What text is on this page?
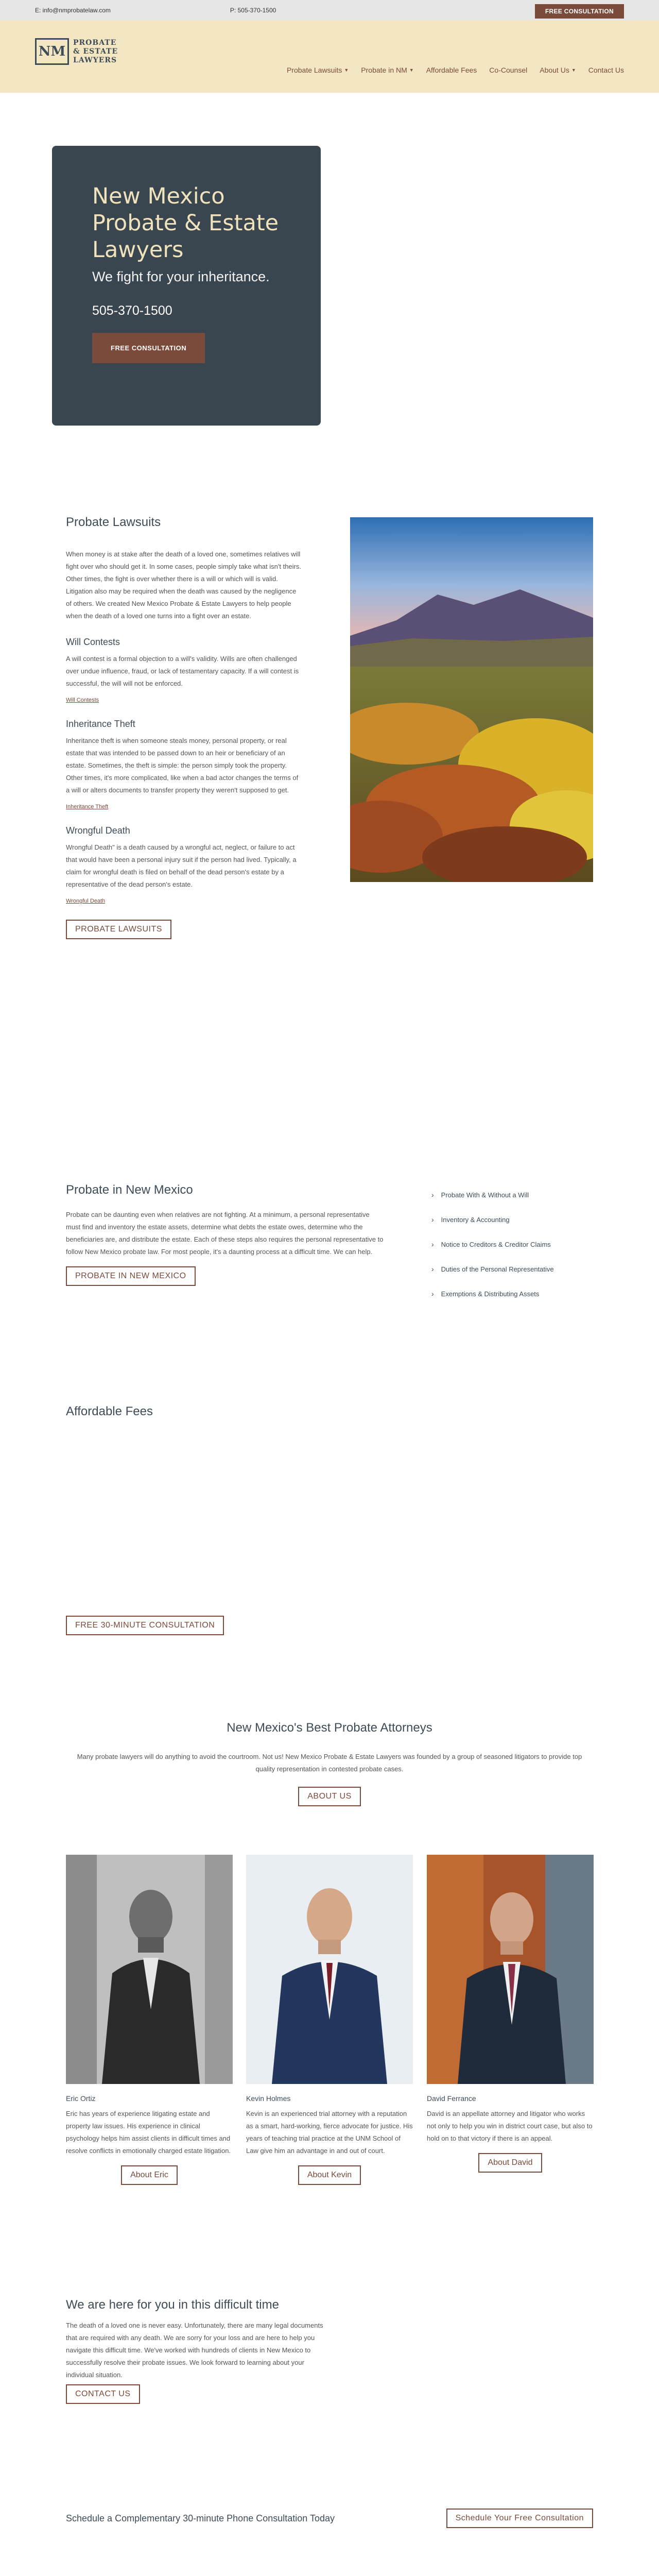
E: info@nmprobatelaw.com	P: 505-370-1500	FREE CONSULTATION
NM
PROBATE
& ESTATE
LAWYERS
Probate Lawsuits ▼ Probate in NM ▼ Affordable Fees Co-Counsel About Us ▼ Contact Us
New Mexico Probate & Estate Lawyers
We fight for your inheritance.
505-370-1500
FREE CONSULTATION
Probate Lawsuits
When money is at stake after the death of a loved one, sometimes relatives will fight over who should get it. In some cases, people simply take what isn't theirs. Other times, the fight is over whether there is a will or which will is valid. Litigation also may be required when the death was caused by the negligence of others. We created New Mexico Probate & Estate Lawyers to help people when the death of a loved one turns into a fight over an estate.
Will Contests
A will contest is a formal objection to a will's validity. Wills are often challenged over undue influence, fraud, or lack of testamentary capacity. If a will contest is successful, the will will not be enforced.
Will Contests
Inheritance Theft
Inheritance theft is when someone steals money, personal property, or real estate that was intended to be passed down to an heir or beneficiary of an estate. Sometimes, the theft is simple: the person simply took the property. Other times, it's more complicated, like when a bad actor changes the terms of a will or alters documents to transfer property they weren't supposed to get.
Inheritance Theft
Wrongful Death
Wrongful Death" is a death caused by a wrongful act, neglect, or failure to act that would have been a personal injury suit if the person had lived. Typically, a claim for wrongful death is filed on behalf of the dead person's estate by a representative of the dead person's estate.
Wrongful Death
PROBATE LAWSUITS
Probate in New Mexico
Probate can be daunting even when relatives are not fighting. At a minimum, a personal representative must find and inventory the estate assets, determine what debts the estate owes, determine who the beneficiaries are, and distribute the estate. Each of these steps also requires the personal representative to follow New Mexico probate law. For most people, it's a daunting process at a difficult time. We can help.
PROBATE IN NEW MEXICO
› Probate With & Without a Will
› Inventory & Accounting
› Notice to Creditors & Creditor Claims
› Duties of the Personal Representative
› Exemptions & Distributing Assets
Affordable Fees
FREE 30-MINUTE CONSULTATION
New Mexico's Best Probate Attorneys
Many probate lawyers will do anything to avoid the courtroom. Not us! New Mexico Probate & Estate Lawyers was founded by a group of seasoned litigators to provide top quality representation in contested probate cases.
ABOUT US
Eric Ortiz
Eric has years of experience litigating estate and property law issues. His experience in clinical psychology helps him assist clients in difficult times and resolve conflicts in emotionally charged estate litigation.
About Eric
Kevin Holmes
Kevin is an experienced trial attorney with a reputation as a smart, hard-working, fierce advocate for justice. His years of teaching trial practice at the UNM School of Law give him an advantage in and out of court.
About Kevin
David Ferrance
David is an appellate attorney and litigator who works not only to help you win in district court case, but also to hold on to that victory if there is an appeal.
About David
We are here for you in this difficult time
The death of a loved one is never easy. Unfortunately, there are many legal documents that are required with any death. We are sorry for your loss and are here to help you navigate this difficult time. We've worked with hundreds of clients in New Mexico to successfully resolve their probate issues. We look forward to learning about your individual situation.
CONTACT US
Schedule a Complementary 30-minute Phone Consultation Today	Schedule Your Free Consultation
